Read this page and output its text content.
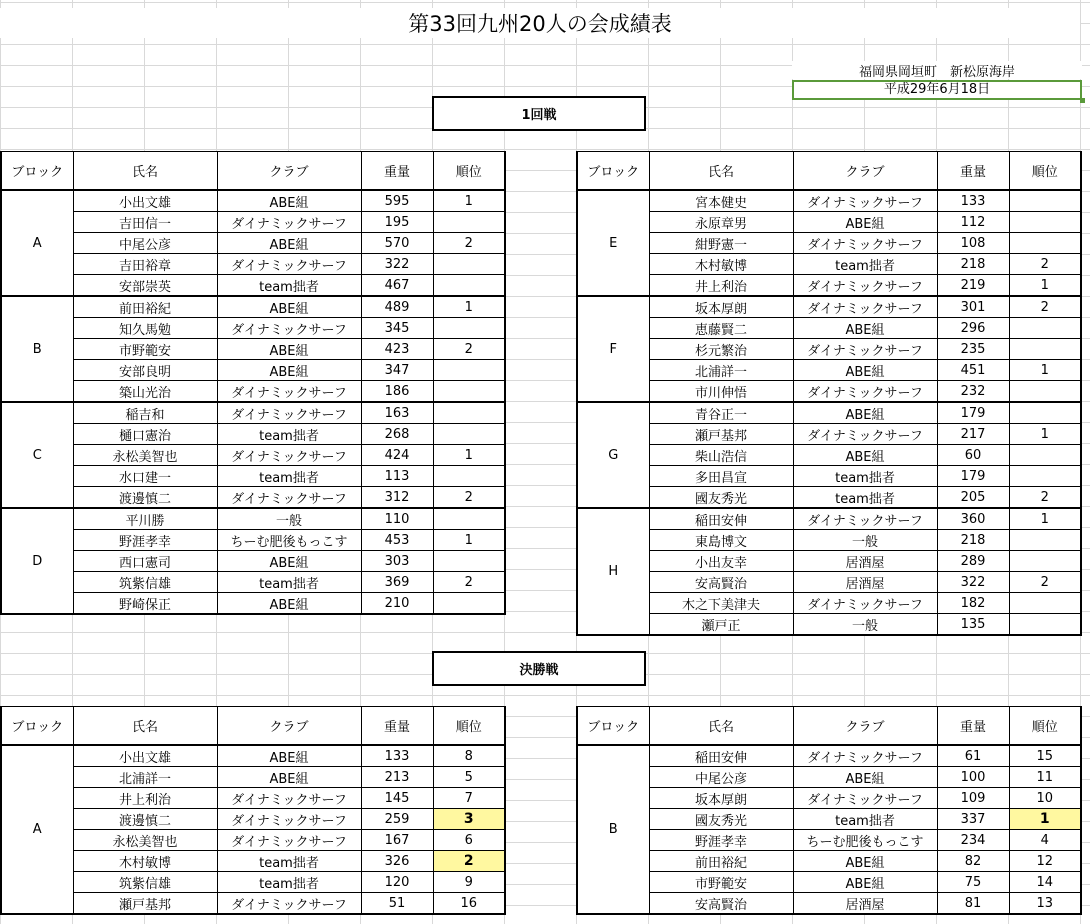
第33回九州20人の会成績表
福岡県岡垣町　新松原海岸
平成29年6月18日
1回戦
決勝戦
ブロック	氏名	クラブ	重量	順位
A	小出文雄	ABE組	595	1
	吉田信一	ダイナミックサーフ	195	
	中尾公彦	ABE組	570	2
	吉田裕章	ダイナミックサーフ	322	
	安部崇英	team拙者	467	
B	前田裕紀	ABE組	489	1
	知久馬勉	ダイナミックサーフ	345	
	市野範安	ABE組	423	2
	安部良明	ABE組	347	
	築山光治	ダイナミックサーフ	186	
C	稲吉和	ダイナミックサーフ	163	
	樋口憲治	team拙者	268	
	永松美智也	ダイナミックサーフ	424	1
	水口建一	team拙者	113	
	渡邊慎二	ダイナミックサーフ	312	2
D	平川勝	一般	110	
	野涯孝幸	ちーむ肥後もっこす	453	1
	西口憲司	ABE組	303	
	筑紫信雄	team拙者	369	2
	野崎保正	ABE組	210	
ブロック	氏名	クラブ	重量	順位
E	宮本健史	ダイナミックサーフ	133	
	永原章男	ABE組	112	
	紺野憲一	ダイナミックサーフ	108	
	木村敏博	team拙者	218	2
	井上利治	ダイナミックサーフ	219	1
F	坂本厚朗	ダイナミックサーフ	301	2
	恵藤賢二	ABE組	296	
	杉元繁治	ダイナミックサーフ	235	
	北浦詳一	ABE組	451	1
	市川伸悟	ダイナミックサーフ	232	
G	青谷正一	ABE組	179	
	瀬戸基邦	ダイナミックサーフ	217	1
	柴山浩信	ABE組	60	
	多田昌宣	team拙者	179	
	國友秀光	team拙者	205	2
H	稲田安伸	ダイナミックサーフ	360	1
	東島博文	一般	218	
	小出友幸	居酒屋	289	
	安高賢治	居酒屋	322	2
	木之下美津夫	ダイナミックサーフ	182	
	瀬戸正	一般	135	
ブロック	氏名	クラブ	重量	順位
A	小出文雄	ABE組	133	8
	北浦詳一	ABE組	213	5
	井上利治	ダイナミックサーフ	145	7
	渡邊慎二	ダイナミックサーフ	259	3
	永松美智也	ダイナミックサーフ	167	6
	木村敏博	team拙者	326	2
	筑紫信雄	team拙者	120	9
	瀬戸基邦	ダイナミックサーフ	51	16
ブロック	氏名	クラブ	重量	順位
B	稲田安伸	ダイナミックサーフ	61	15
	中尾公彦	ABE組	100	11
	坂本厚朗	ダイナミックサーフ	109	10
	國友秀光	team拙者	337	1
	野涯孝幸	ちーむ肥後もっこす	234	4
	前田裕紀	ABE組	82	12
	市野範安	ABE組	75	14
	安高賢治	居酒屋	81	13
